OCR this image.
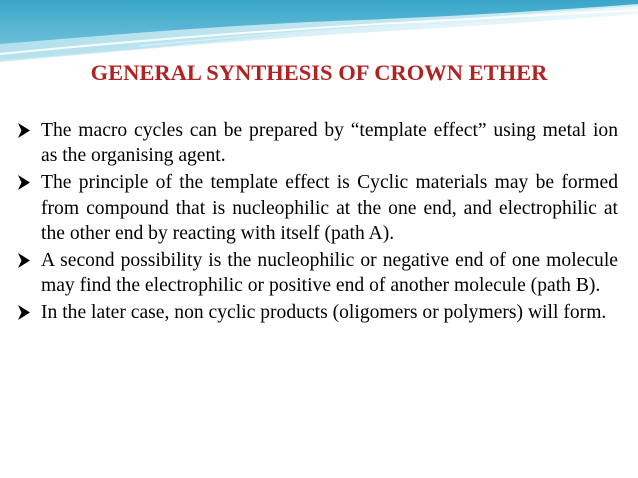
GENERAL SYNTHESIS OF CROWN ETHER
The macro cycles can be prepared by “template effect” using metal ion as the organising agent.
The principle of the template effect is Cyclic materials may be formed from compound that is nucleophilic at the one end, and electrophilic at the other end by reacting with itself (path A).
A second possibility is the nucleophilic or negative end of one molecule may find the electrophilic or positive end of another molecule (path B).
In the later case, non cyclic products (oligomers or polymers) will form.
